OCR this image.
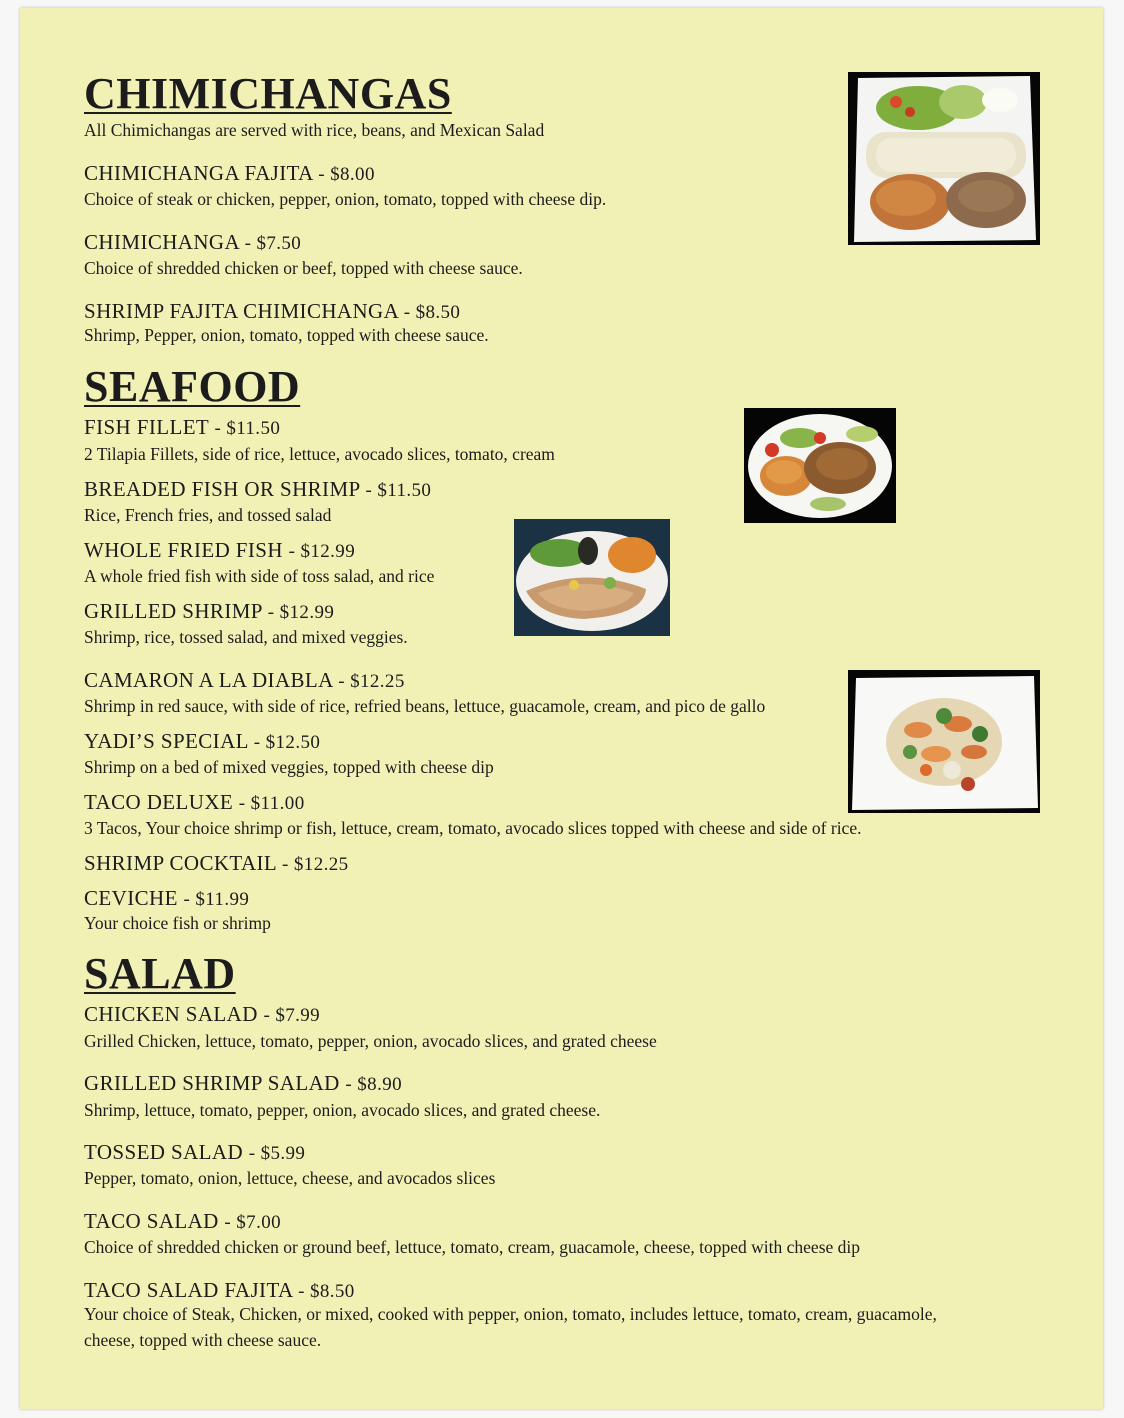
CHIMICHANGAS
All Chimichangas are served with rice, beans, and Mexican Salad
CHIMICHANGA FAJITA - $8.00
Choice of steak or chicken, pepper, onion, tomato, topped with cheese dip.
CHIMICHANGA - $7.50
Choice of shredded chicken or beef, topped with cheese sauce.
SHRIMP FAJITA CHIMICHANGA - $8.50
Shrimp, Pepper, onion, tomato, topped with cheese sauce.
SEAFOOD
FISH FILLET - $11.50
2 Tilapia Fillets, side of rice, lettuce, avocado slices, tomato, cream
BREADED FISH OR SHRIMP - $11.50
Rice, French fries, and tossed salad
WHOLE FRIED FISH - $12.99
A whole fried fish with side of toss salad, and rice
GRILLED SHRIMP - $12.99
Shrimp, rice, tossed salad, and mixed veggies.
CAMARON A LA DIABLA - $12.25
Shrimp in red sauce, with side of rice, refried beans, lettuce, guacamole, cream, and pico de gallo
YADI’S SPECIAL - $12.50
Shrimp on a bed of mixed veggies, topped with cheese dip
TACO DELUXE - $11.00
3 Tacos, Your choice shrimp or fish, lettuce, cream, tomato, avocado slices topped with cheese and side of rice.
SHRIMP COCKTAIL - $12.25
CEVICHE - $11.99
Your choice fish or shrimp
SALAD
CHICKEN SALAD - $7.99
Grilled Chicken, lettuce, tomato, pepper, onion, avocado slices, and grated cheese
GRILLED SHRIMP SALAD - $8.90
Shrimp, lettuce, tomato, pepper, onion, avocado slices, and grated cheese.
TOSSED SALAD - $5.99
Pepper, tomato, onion, lettuce, cheese, and avocados slices
TACO SALAD - $7.00
Choice of shredded chicken or ground beef, lettuce, tomato, cream, guacamole, cheese, topped with cheese dip
TACO SALAD FAJITA - $8.50
Your choice of Steak, Chicken, or mixed, cooked with pepper, onion, tomato, includes lettuce, tomato, cream, guacamole,
cheese, topped with cheese sauce.
